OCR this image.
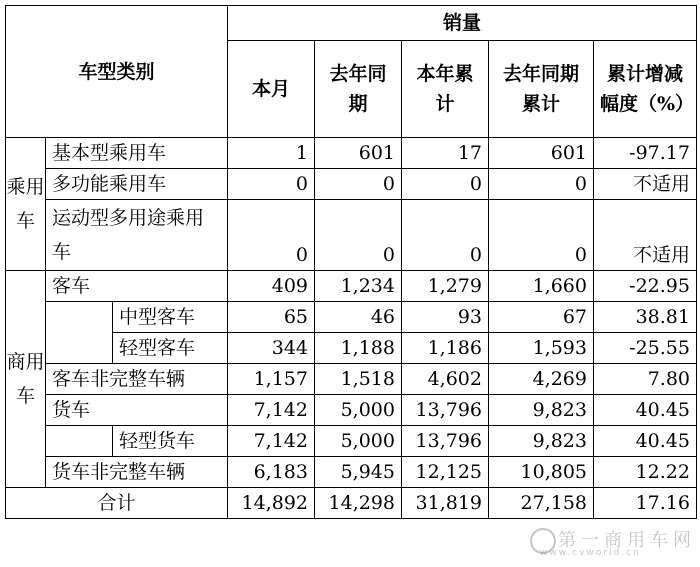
车型类别			销量				
			本月	去年同期	本年累计	去年同期累计	累计增减幅度（%）
乘用车	基本型乘用车		1	601	17	601	-97.17
	多功能乘用车		0	0	0	0	不适用
	运动型多用途乘用车		0	0	0	0	不适用

商用车	客车		409	1,234	1,279	1,660	-22.95
		中型客车	65	46	93	67	38.81
		轻型客车	344	1,188	1,186	1,593	-25.55
	客车非完整车辆		1,157	1,518	4,602	4,269	7.80
	货车		7,142	5,000	13,796	9,823	40.45
		轻型货车	7,142	5,000	13,796	9,823	40.45
	货车非完整车辆		6,183	5,945	12,125	10,805	12.22
合计			14,892	14,298	31,819	27,158	17.16
第一商用车网
www.cvworld.cn
